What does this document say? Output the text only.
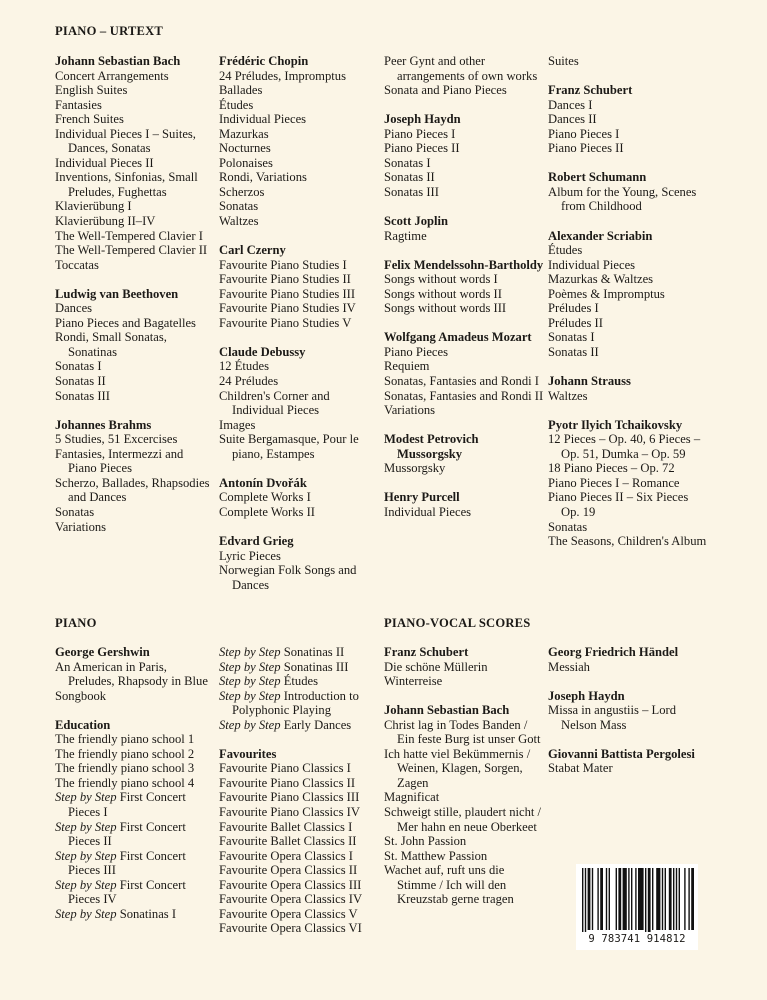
PIANO – URTEXT
Johann Sebastian Bach
Concert Arrangements
English Suites
Fantasies
French Suites
Individual Pieces I – Suites, Dances, Sonatas
Individual Pieces II
Inventions, Sinfonias, Small Preludes, Fughettas
Klavierübung I
Klavierübung II–IV
The Well-Tempered Clavier I
The Well-Tempered Clavier II
Toccatas
Ludwig van Beethoven
Dances
Piano Pieces and Bagatelles
Rondi, Small Sonatas, Sonatinas
Sonatas I
Sonatas II
Sonatas III
Johannes Brahms
5 Studies, 51 Excercises
Fantasies, Intermezzi and Piano Pieces
Scherzo, Ballades, Rhapsodies and Dances
Sonatas
Variations
Frédéric Chopin
24 Préludes, Impromptus
Ballades
Études
Individual Pieces
Mazurkas
Nocturnes
Polonaises
Rondi, Variations
Scherzos
Sonatas
Waltzes
Carl Czerny
Favourite Piano Studies I
Favourite Piano Studies II
Favourite Piano Studies III
Favourite Piano Studies IV
Favourite Piano Studies V
Claude Debussy
12 Études
24 Préludes
Children's Corner and Individual Pieces
Images
Suite Bergamasque, Pour le piano, Estampes
Antonín Dvořák
Complete Works I
Complete Works II
Edvard Grieg
Lyric Pieces
Norwegian Folk Songs and Dances
Peer Gynt and other arrangements of own works
Sonata and Piano Pieces
Joseph Haydn
Piano Pieces I
Piano Pieces II
Sonatas I
Sonatas II
Sonatas III
Scott Joplin
Ragtime
Felix Mendelssohn-Bartholdy
Songs without words I
Songs without words II
Songs without words III
Wolfgang Amadeus Mozart
Piano Pieces
Requiem
Sonatas, Fantasies and Rondi I
Sonatas, Fantasies and Rondi II
Variations
Modest Petrovich Mussorgsky
Mussorgsky
Henry Purcell
Individual Pieces
Suites
Franz Schubert
Dances I
Dances II
Piano Pieces I
Piano Pieces II
Robert Schumann
Album for the Young, Scenes from Childhood
Alexander Scriabin
Études
Individual Pieces
Mazurkas & Waltzes
Poèmes & Impromptus
Préludes I
Préludes II
Sonatas I
Sonatas II
Johann Strauss
Waltzes
Pyotr Ilyich Tchaikovsky
12 Pieces – Op. 40, 6 Pieces – Op. 51, Dumka – Op. 59
18 Piano Pieces – Op. 72
Piano Pieces I – Romance
Piano Pieces II – Six Pieces Op. 19
Sonatas
The Seasons, Children's Album
PIANO
George Gershwin
An American in Paris, Preludes, Rhapsody in Blue
Songbook
Education
The friendly piano school 1
The friendly piano school 2
The friendly piano school 3
The friendly piano school 4
Step by Step First Concert Pieces I
Step by Step First Concert Pieces II
Step by Step First Concert Pieces III
Step by Step First Concert Pieces IV
Step by Step Sonatinas I
Step by Step Sonatinas II
Step by Step Sonatinas III
Step by Step Études
Step by Step Introduction to Polyphonic Playing
Step by Step Early Dances
Favourites
Favourite Piano Classics I
Favourite Piano Classics II
Favourite Piano Classics III
Favourite Piano Classics IV
Favourite Ballet Classics I
Favourite Ballet Classics II
Favourite Opera Classics I
Favourite Opera Classics II
Favourite Opera Classics III
Favourite Opera Classics IV
Favourite Opera Classics V
Favourite Opera Classics VI
PIANO-VOCAL SCORES
Franz Schubert
Die schöne Müllerin
Winterreise
Johann Sebastian Bach
Christ lag in Todes Banden / Ein feste Burg ist unser Gott
Ich hatte viel Bekümmernis / Weinen, Klagen, Sorgen, Zagen
Magnificat
Schweigt stille, plaudert nicht / Mer hahn en neue Oberkeet
St. John Passion
St. Matthew Passion
Wachet auf, ruft uns die Stimme / Ich will den Kreuzstab gerne tragen
Georg Friedrich Händel
Messiah
Joseph Haydn
Missa in angustiis – Lord Nelson Mass
Giovanni Battista Pergolesi
Stabat Mater
9 783741 914812
